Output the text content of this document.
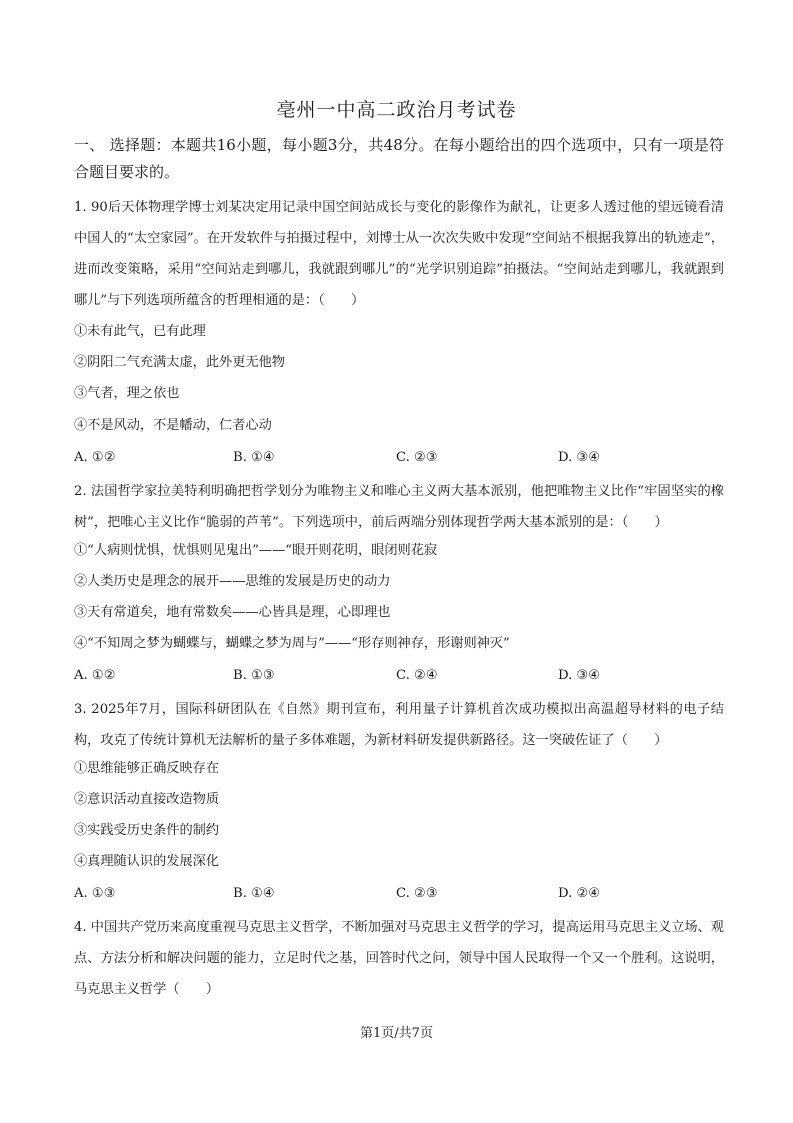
亳州一中高二政治月考试卷
一、 选择题：本题共16小题，每小题3分，共48分。在每小题给出的四个选项中，只有一项是符合题目要求的。
1. 90后天体物理学博士刘某决定用记录中国空间站成长与变化的影像作为献礼，让更多人透过他的望远镜看清中国人的“太空家园”。在开发软件与拍摄过程中，刘博士从一次次失败中发现“空间站不根据我算出的轨迹走”，进而改变策略，采用“空间站走到哪儿，我就跟到哪儿”的“光学识别追踪”拍摄法。“空间站走到哪儿，我就跟到哪儿”与下列选项所蕴含的哲理相通的是：（　　）
①未有此气，已有此理
②阴阳二气充满太虚，此外更无他物
③气者，理之依也
④不是风动，不是幡动，仁者心动
A. ①②	B. ①④	C. ②③	D. ③④
2. 法国哲学家拉美特利明确把哲学划分为唯物主义和唯心主义两大基本派别，他把唯物主义比作“牢固坚实的橡树”，把唯心主义比作“脆弱的芦苇”。下列选项中，前后两端分别体现哲学两大基本派别的是：（　　）
①“人病则忧惧，忧惧则见鬼出”——“眼开则花明，眼闭则花寂
②人类历史是理念的展开——思维的发展是历史的动力
③天有常道矣，地有常数矣——心皆具是理，心即理也
④“不知周之梦为蝴蝶与，蝴蝶之梦为周与”——“形存则神存，形谢则神灭”
A. ①②	B. ①③	C. ②④	D. ③④
3. 2025年7月，国际科研团队在《自然》期刊宣布，利用量子计算机首次成功模拟出高温超导材料的电子结构，攻克了传统计算机无法解析的量子多体难题，为新材料研发提供新路径。这一突破佐证了（　　）
①思维能够正确反映存在
②意识活动直接改造物质
③实践受历史条件的制约
④真理随认识的发展深化
A. ①③	B. ①④	C. ②③	D. ②④
4. 中国共产党历来高度重视马克思主义哲学，不断加强对马克思主义哲学的学习，提高运用马克思主义立场、观点、方法分析和解决问题的能力，立足时代之基，回答时代之问，领导中国人民取得一个又一个胜利。这说明，马克思主义哲学（　　）
第1页/共7页
